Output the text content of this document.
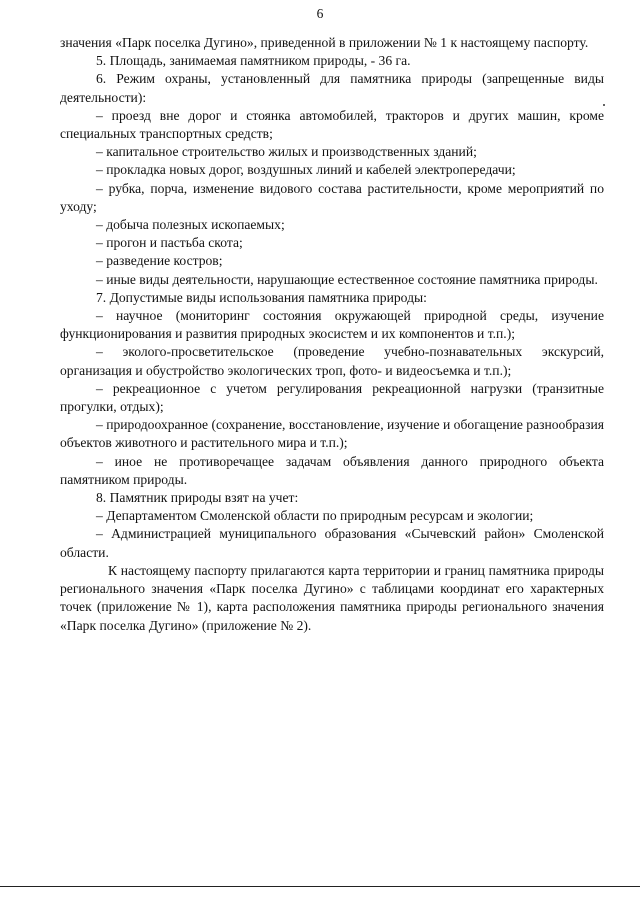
6

значения «Парк поселка Дугино», приведенной в приложении № 1 к настоящему паспорту.

5. Площадь, занимаемая памятником природы, - 36 га.

6. Режим охраны, установленный для памятника природы (запрещенные виды деятельности):

– проезд вне дорог и стоянка автомобилей, тракторов и других машин, кроме специальных транспортных средств;

– капитальное строительство жилых и производственных зданий;

– прокладка новых дорог, воздушных линий и кабелей электропередачи;

– рубка, порча, изменение видового состава растительности, кроме мероприятий по уходу;

– добыча полезных ископаемых;

– прогон и пастьба скота;

– разведение костров;

– иные виды деятельности, нарушающие естественное состояние памятника природы.

7. Допустимые виды использования памятника природы:

– научное (мониторинг состояния окружающей природной среды, изучение функционирования и развития природных экосистем и их компонентов и т.п.);

– эколого-просветительское (проведение учебно-познавательных экскурсий, организация и обустройство экологических троп, фото- и видеосъемка и т.п.);

– рекреационное с учетом регулирования рекреационной нагрузки (транзитные прогулки, отдых);

– природоохранное (сохранение, восстановление, изучение и обогащение разнообразия объектов животного и растительного мира и т.п.);

– иное не противоречащее задачам объявления данного природного объекта памятником природы.

8. Памятник природы взят на учет:

– Департаментом Смоленской области по природным ресурсам и экологии;

– Администрацией муниципального образования «Сычевский район» Смоленской области.

К настоящему паспорту прилагаются карта территории и границ памятника природы регионального значения «Парк поселка Дугино» с таблицами координат его характерных точек (приложение № 1), карта расположения памятника природы регионального значения «Парк поселка Дугино» (приложение № 2).
